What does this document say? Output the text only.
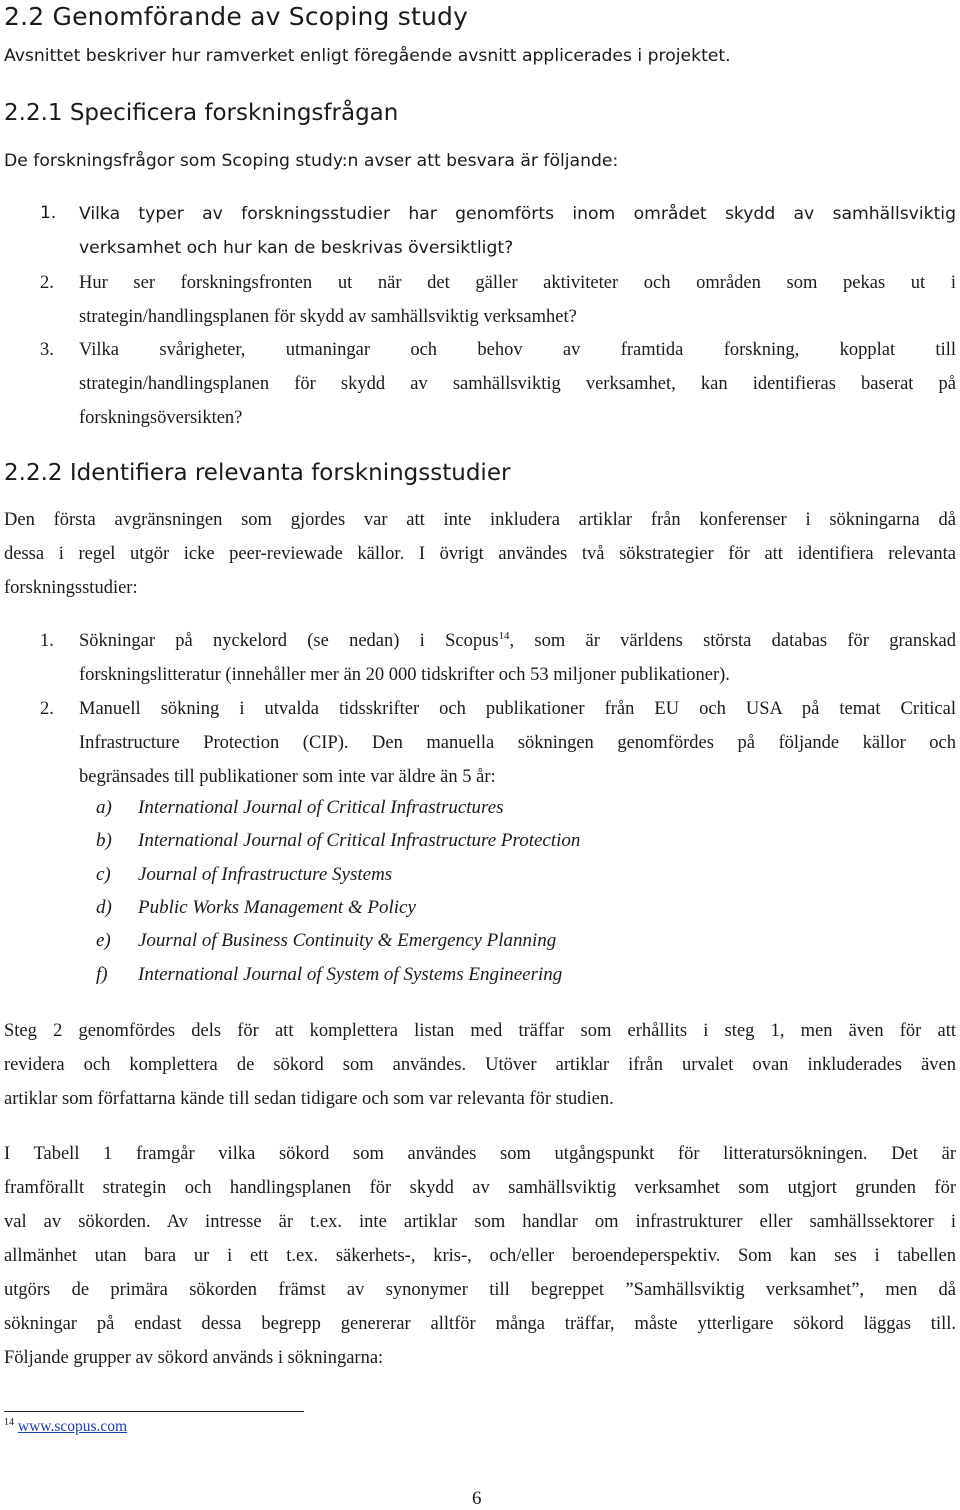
2.2 Genomförande av Scoping study
Avsnittet beskriver hur ramverket enligt föregående avsnitt applicerades i projektet.
2.2.1 Specificera forskningsfrågan
De forskningsfrågor som Scoping study:n avser att besvara är följande:
1. Vilka typer av forskningsstudier har genomförts inom området skydd av samhällsviktig
verksamhet och hur kan de beskrivas översiktligt?
2. Hur ser forskningsfronten ut när det gäller aktiviteter och områden som pekas ut i
strategin/handlingsplanen för skydd av samhällsviktig verksamhet?
3. Vilka svårigheter, utmaningar och behov av framtida forskning, kopplat till
strategin/handlingsplanen för skydd av samhällsviktig verksamhet, kan identifieras baserat på
forskningsöversikten?
2.2.2 Identifiera relevanta forskningsstudier
Den första avgränsningen som gjordes var att inte inkludera artiklar från konferenser i sökningarna då
dessa i regel utgör icke peer-reviewade källor. I övrigt användes två sökstrategier för att identifiera relevanta
forskningsstudier:
1. Sökningar på nyckelord (se nedan) i Scopus$^{14}$, som är världens största databas för granskad
forskningslitteratur (innehåller mer än 20 000 tidskrifter och 53 miljoner publikationer).
2. Manuell sökning i utvalda tidsskrifter och publikationer från EU och USA på temat Critical
Infrastructure Protection (CIP). Den manuella sökningen genomfördes på följande källor och
begränsades till publikationer som inte var äldre än 5 år:
a) International Journal of Critical Infrastructures
b) International Journal of Critical Infrastructure Protection
c) Journal of Infrastructure Systems
d) Public Works Management & Policy
e) Journal of Business Continuity & Emergency Planning
f) International Journal of System of Systems Engineering
Steg 2 genomfördes dels för att komplettera listan med träffar som erhållits i steg 1, men även för att
revidera och komplettera de sökord som användes. Utöver artiklar ifrån urvalet ovan inkluderades även
artiklar som författarna kände till sedan tidigare och som var relevanta för studien.
I Tabell 1 framgår vilka sökord som användes som utgångspunkt för litteratursökningen. Det är
framförallt strategin och handlingsplanen för skydd av samhällsviktig verksamhet som utgjort grunden för
val av sökorden. Av intresse är t.ex. inte artiklar som handlar om infrastrukturer eller samhällssektorer i
allmänhet utan bara ur i ett t.ex. säkerhets-, kris-, och/eller beroendeperspektiv. Som kan ses i tabellen
utgörs de primära sökorden främst av synonymer till begreppet ”Samhällsviktig verksamhet”, men då
sökningar på endast dessa begrepp genererar alltför många träffar, måste ytterligare sökord läggas till.
Följande grupper av sökord används i sökningarna:
$^{14}$ www.scopus.com
6
